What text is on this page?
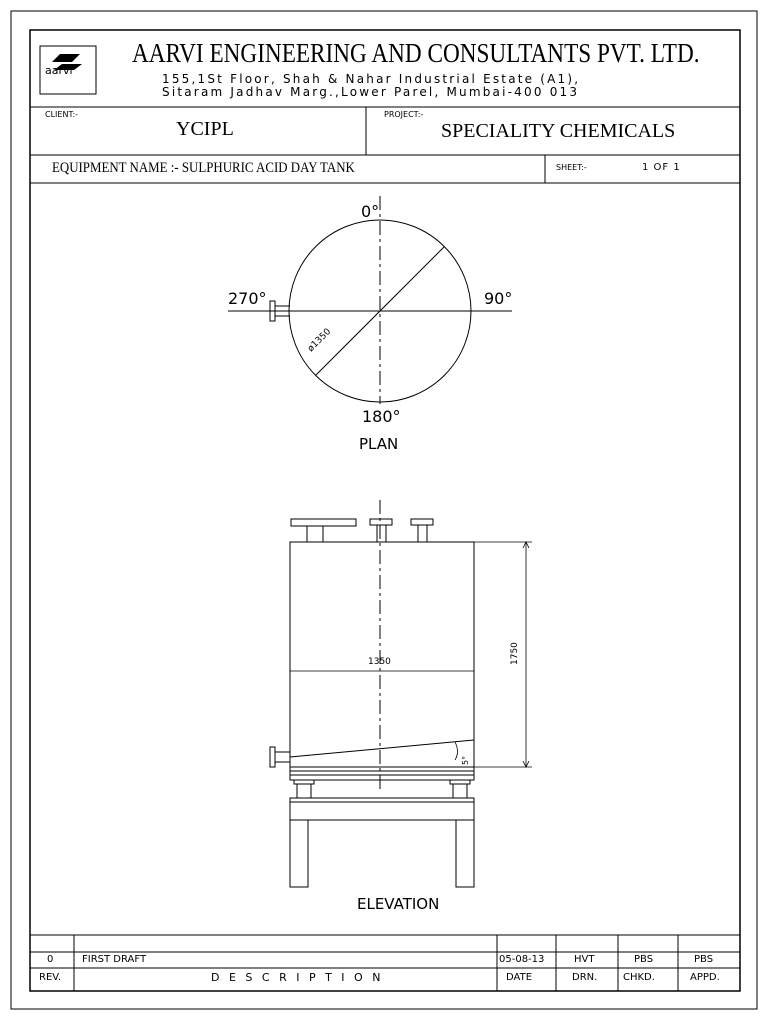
aarvi
AARVI ENGINEERING AND CONSULTANTS PVT. LTD.
155,1St Floor, Shah & Nahar Industrial Estate (A1),
Sitaram Jadhav Marg.,Lower Parel, Mumbai-400 013
CLIENT:-
YCIPL
PROJECT:-
SPECIALITY CHEMICALS
EQUIPMENT NAME :- SULPHURIC ACID DAY TANK	SHEET:-	1 OF 1
0°
90°
270°
180°
ø1350
PLAN
1350	1750
5°
ELEVATION
0	FIRST DRAFT	05-08-13	HVT	PBS	PBS
REV.	D E S C R I P T I O N	DATE	DRN.	CHKD.	APPD.
